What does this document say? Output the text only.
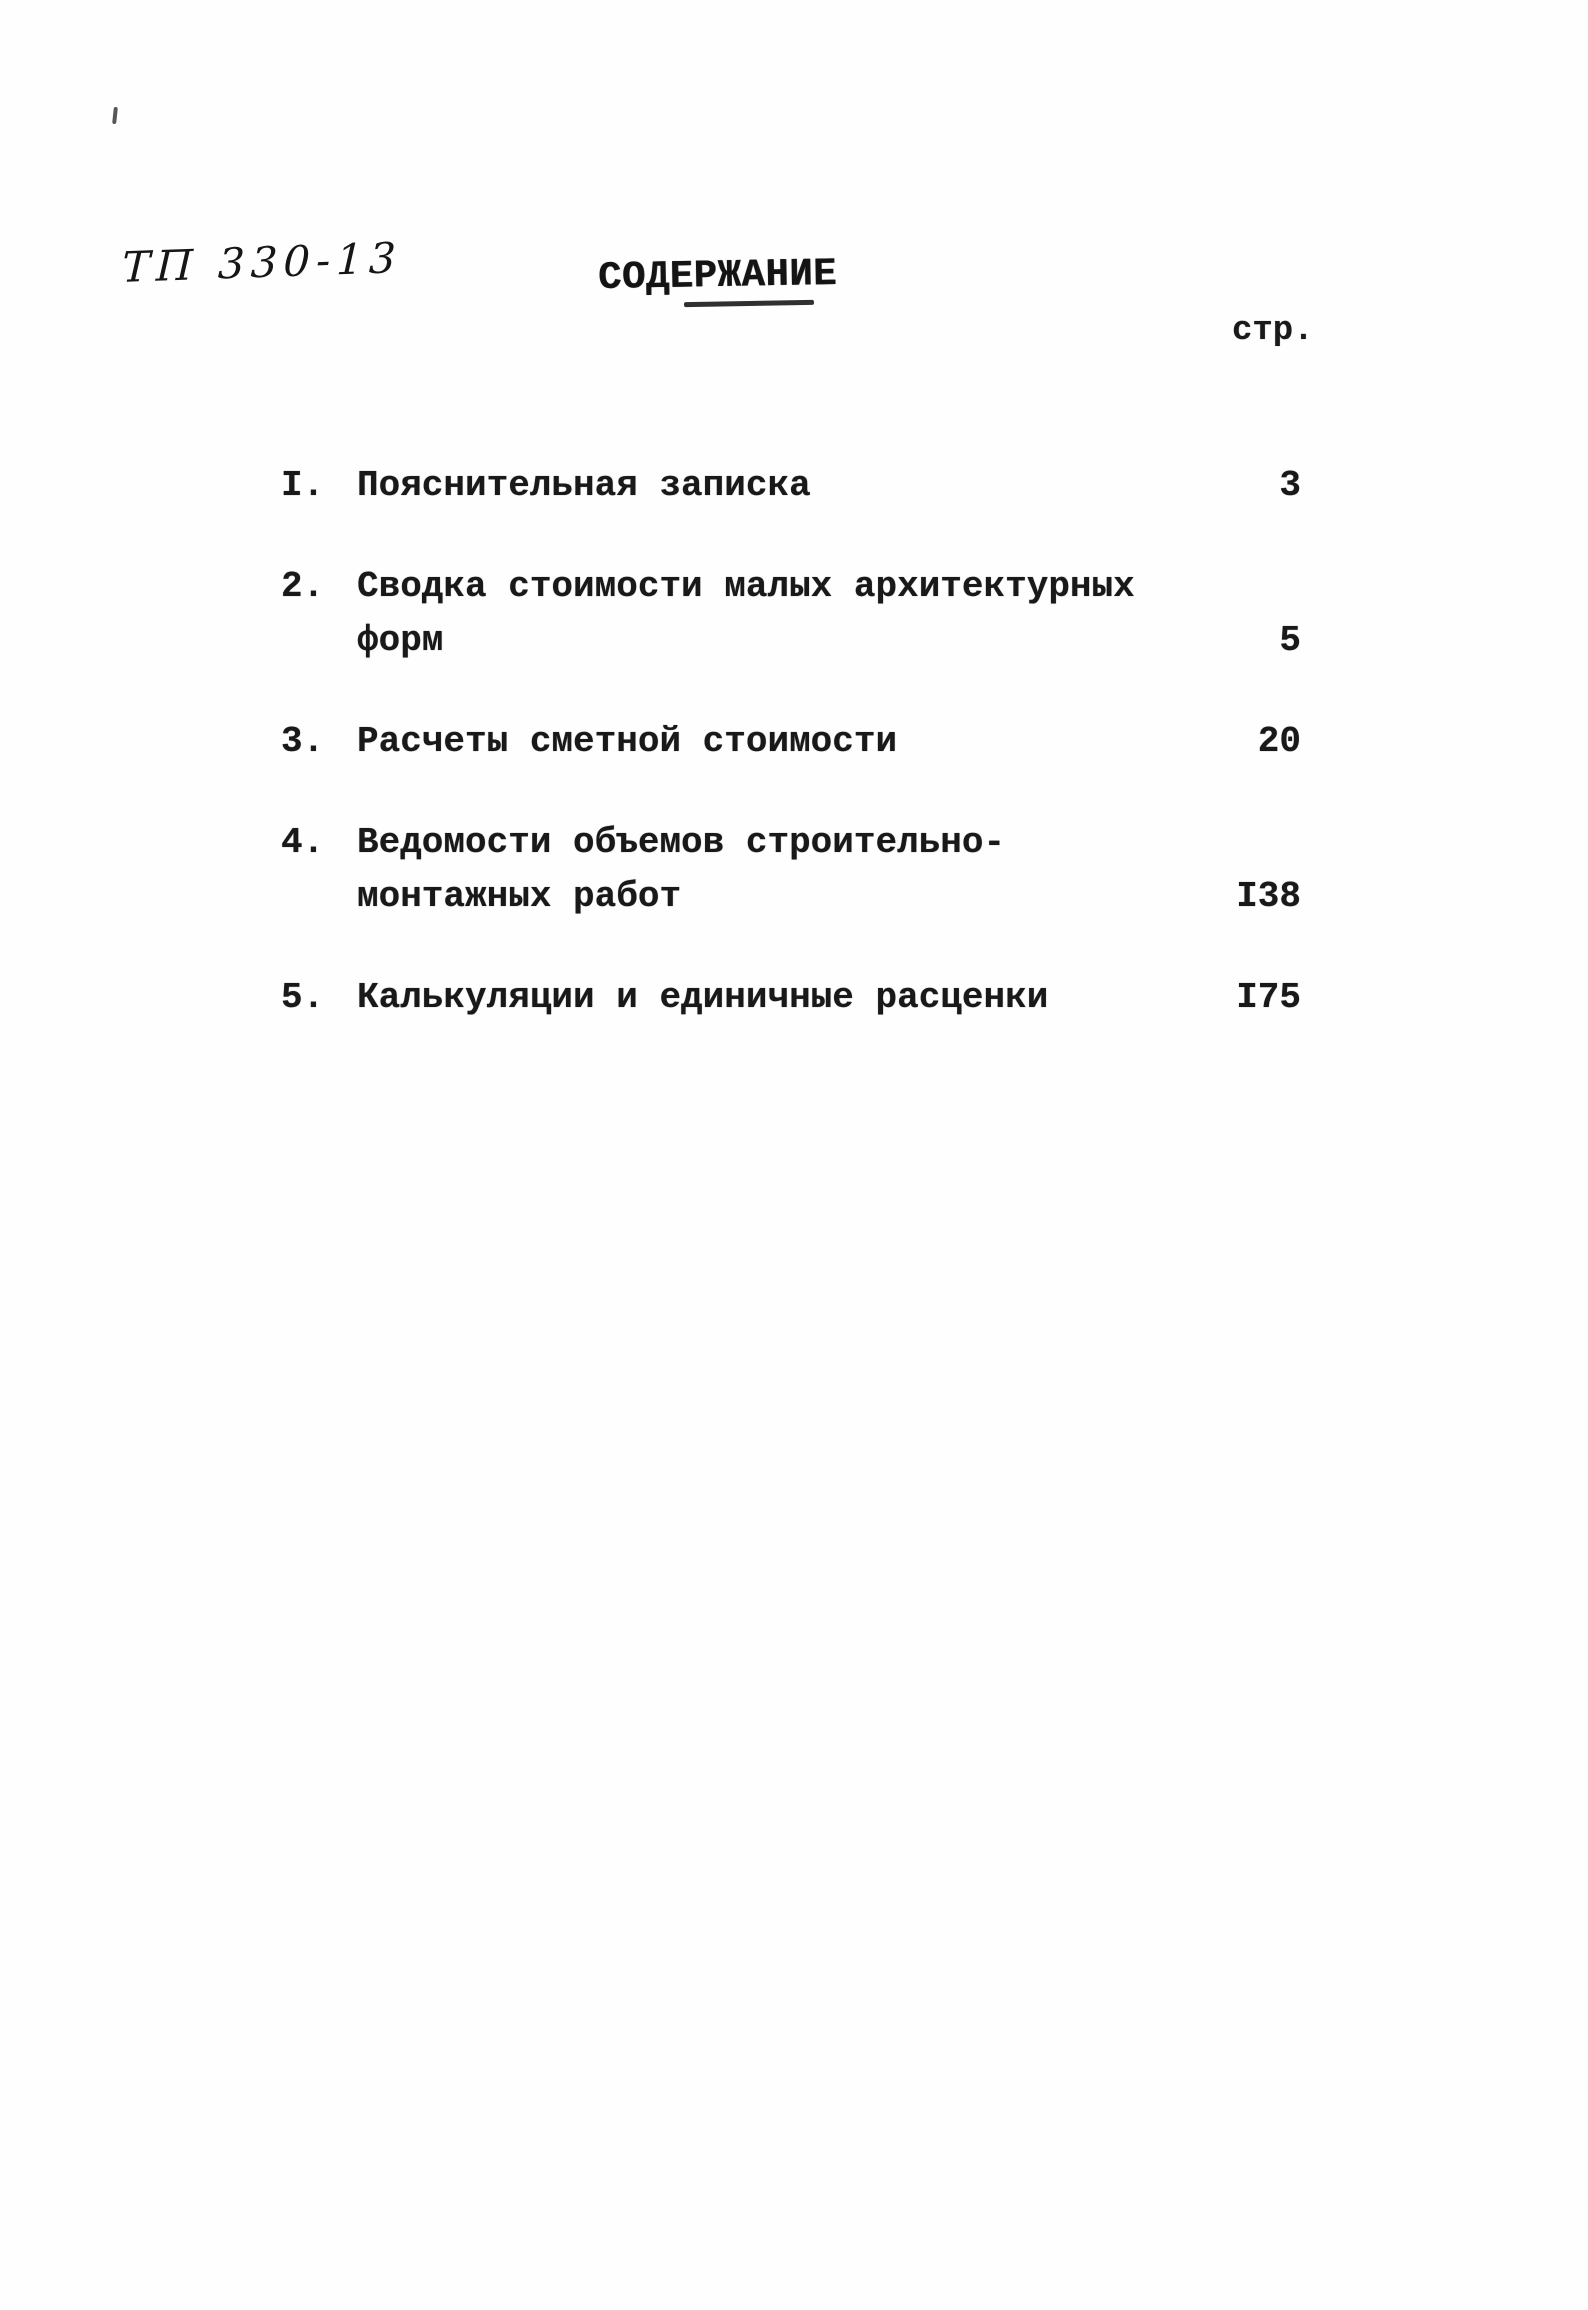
ТП 330-13	СОДЕРЖАНИЕ
стр.
I. Пояснительная записка	3
2. Сводка стоимости малых архитектурных
форм	5
3. Расчеты сметной стоимости	20
4. Ведомости объемов строительно-
монтажных работ	I38
5. Калькуляции и единичные расценки	I75
